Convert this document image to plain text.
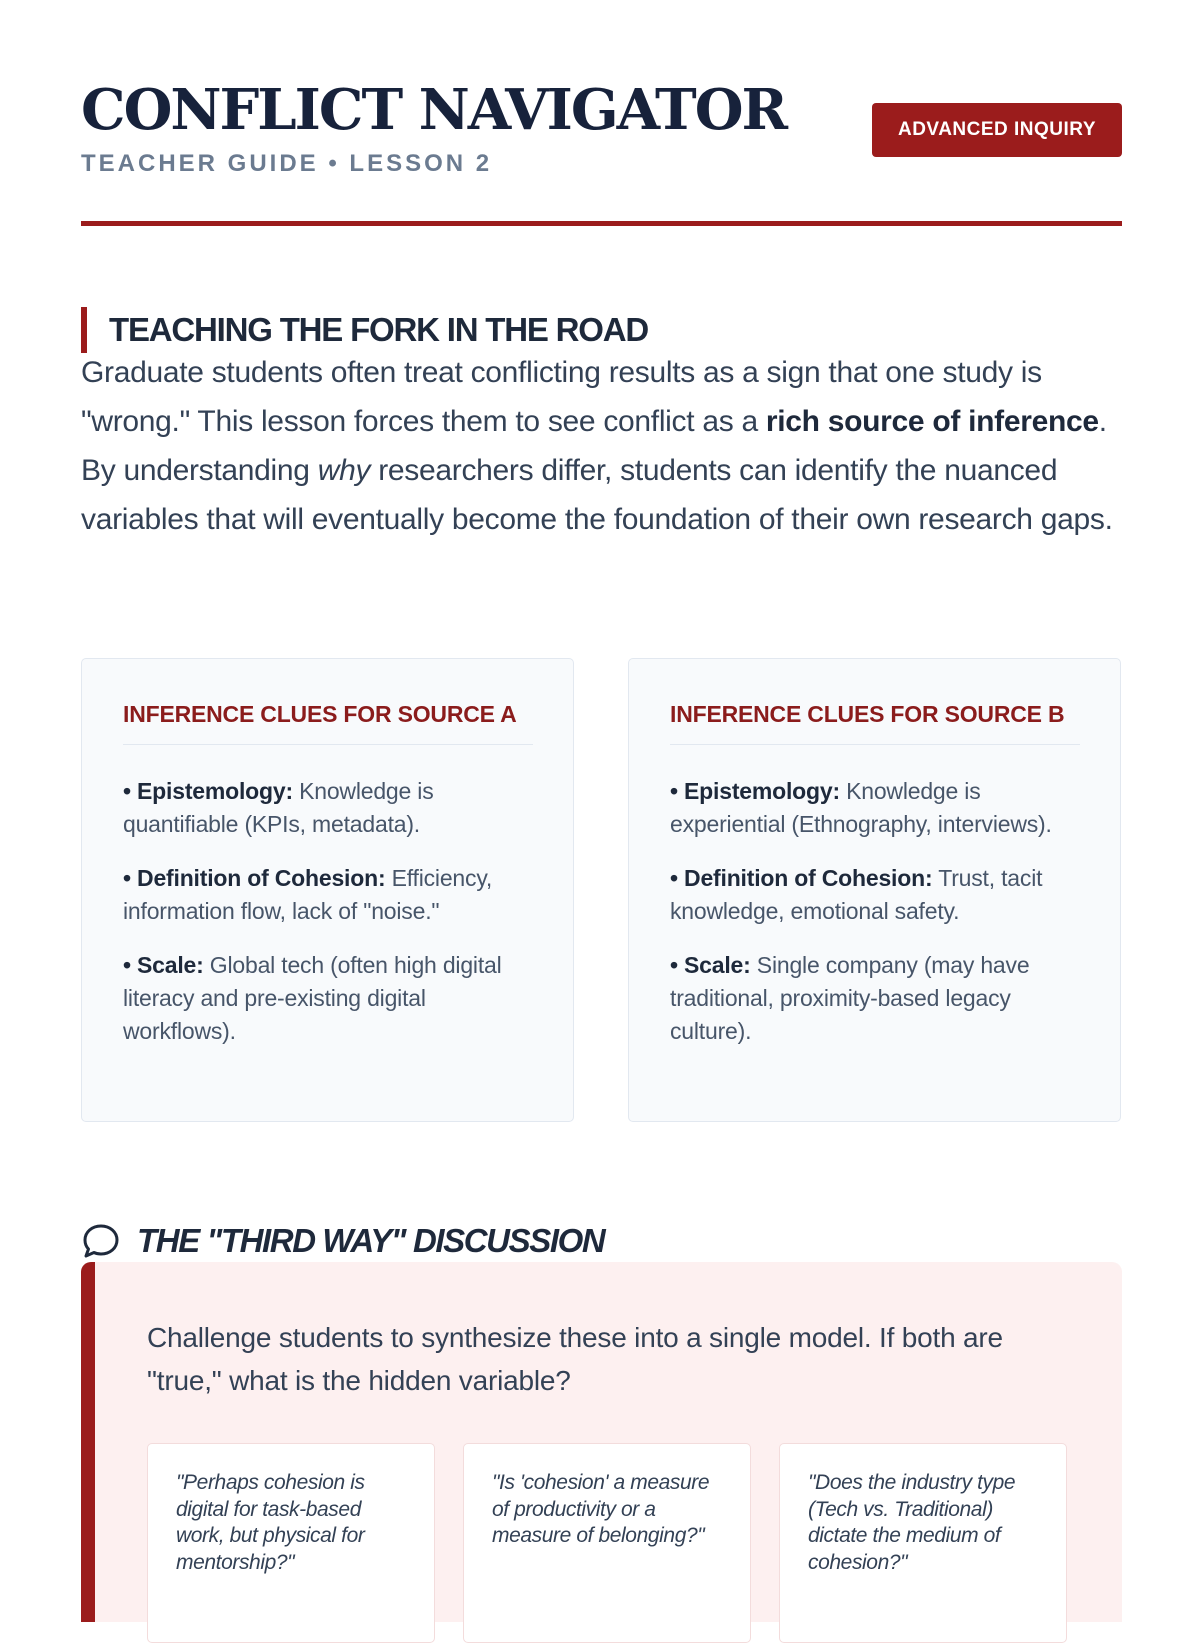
CONFLICT NAVIGATOR
TEACHER GUIDE • LESSON 2
ADVANCED INQUIRY
TEACHING THE FORK IN THE ROAD

Graduate students often treat conflicting results as a sign that one study is "wrong." This lesson forces them to see conflict as a rich source of inference. By understanding why researchers differ, students can identify the nuanced variables that will eventually become the foundation of their own research gaps.

INFERENCE CLUES FOR SOURCE A
• Epistemology: Knowledge is quantifiable (KPIs, metadata).
• Definition of Cohesion: Efficiency, information flow, lack of "noise."
• Scale: Global tech (often high digital literacy and pre-existing digital workflows).
INFERENCE CLUES FOR SOURCE B
• Epistemology: Knowledge is experiential (Ethnography, interviews).
• Definition of Cohesion: Trust, tacit knowledge, emotional safety.
• Scale: Single company (may have traditional, proximity-based legacy culture).
THE "THIRD WAY" DISCUSSION

Challenge students to synthesize these into a single model. If both are "true," what is the hidden variable?

"Perhaps cohesion is digital for task-based work, but physical for mentorship?"
"Is 'cohesion' a measure of productivity or a measure of belonging?"
"Does the industry type (Tech vs. Traditional) dictate the medium of cohesion?"
